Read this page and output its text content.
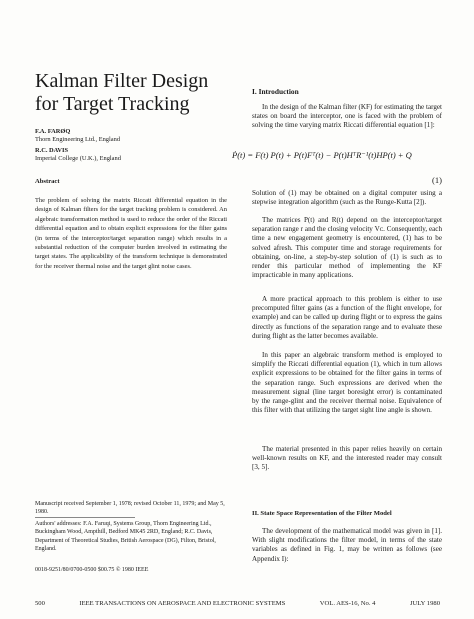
Kalman Filter Design
for Target Tracking
F.A. FARØQ
Thorn Engineering Ltd., England
R.C. DAVIS
Imperial College (U.K.), England
Abstract
The problem of solving the matrix Riccati differential equation in the design of Kalman filters for the target tracking problem is considered. An algebraic transformation method is used to reduce the order of the Riccati differential equation and to obtain explicit expressions for the filter gains (in terms of the interceptor/target separation range) which results in a substantial reduction of the computer burden involved in estimating the target states. The applicability of the transform technique is demonstrated for the receiver thermal noise and the target glint noise cases.
Manuscript received September 1, 1978; revised October 11, 1979; and May 5, 1980.
Authors' addresses: F.A. Faruqi, Systems Group, Thorn Engineering Ltd., Buckingham Wood, Ampthill, Bedford MK45 2RD, England; R.C. Davis, Department of Theoretical Studies, British Aerospace (DG), Filton, Bristol, England.
0018-9251/80/0700-0500 $00.75 © 1980 IEEE
I. Introduction
In the design of the Kalman filter (KF) for estimating the target states on board the interceptor, one is faced with the problem of solving the time varying matrix Riccati differential equation [1]:
Ṗ(t) = F(t) P(t) + P(t)Fᵀ(t) − P(t)HᵀR⁻¹(t)HP(t) + Q
(1)
Solution of (1) may be obtained on a digital computer using a stepwise integration algorithm (such as the Runge-Kutta [2]).
The matrices P(t) and R(t) depend on the interceptor/target separation range r and the closing velocity Vᴄ. Consequently, each time a new engagement geometry is encountered, (1) has to be solved afresh. This computer time and storage requirements for obtaining, on-line, a step-by-step solution of (1) is such as to render this particular method of implementing the KF impracticable in many applications.
A more practical approach to this problem is either to use precomputed filter gains (as a function of the flight envelope, for example) and can be called up during flight or to express the gains directly as functions of the separation range and to evaluate these during flight as the latter becomes available.
In this paper an algebraic transform method is employed to simplify the Riccati differential equation (1), which in turn allows explicit expressions to be obtained for the filter gains in terms of the separation range. Such expressions are derived when the measurement signal (line target boresight error) is contaminated by the range-glint and the receiver thermal noise. Equivalence of this filter with that utilizing the target sight line angle is shown.
The material presented in this paper relies heavily on certain well-known results on KF, and the interested reader may consult [3, 5].
II. State Space Representation of the Filter Model
The development of the mathematical model was given in [1]. With slight modifications the filter model, in terms of the state variables as defined in Fig. 1, may be written as follows (see Appendix I):
500	IEEE TRANSACTIONS ON AEROSPACE AND ELECTRONIC SYSTEMS	VOL. AES-16, No. 4	JULY 1980
